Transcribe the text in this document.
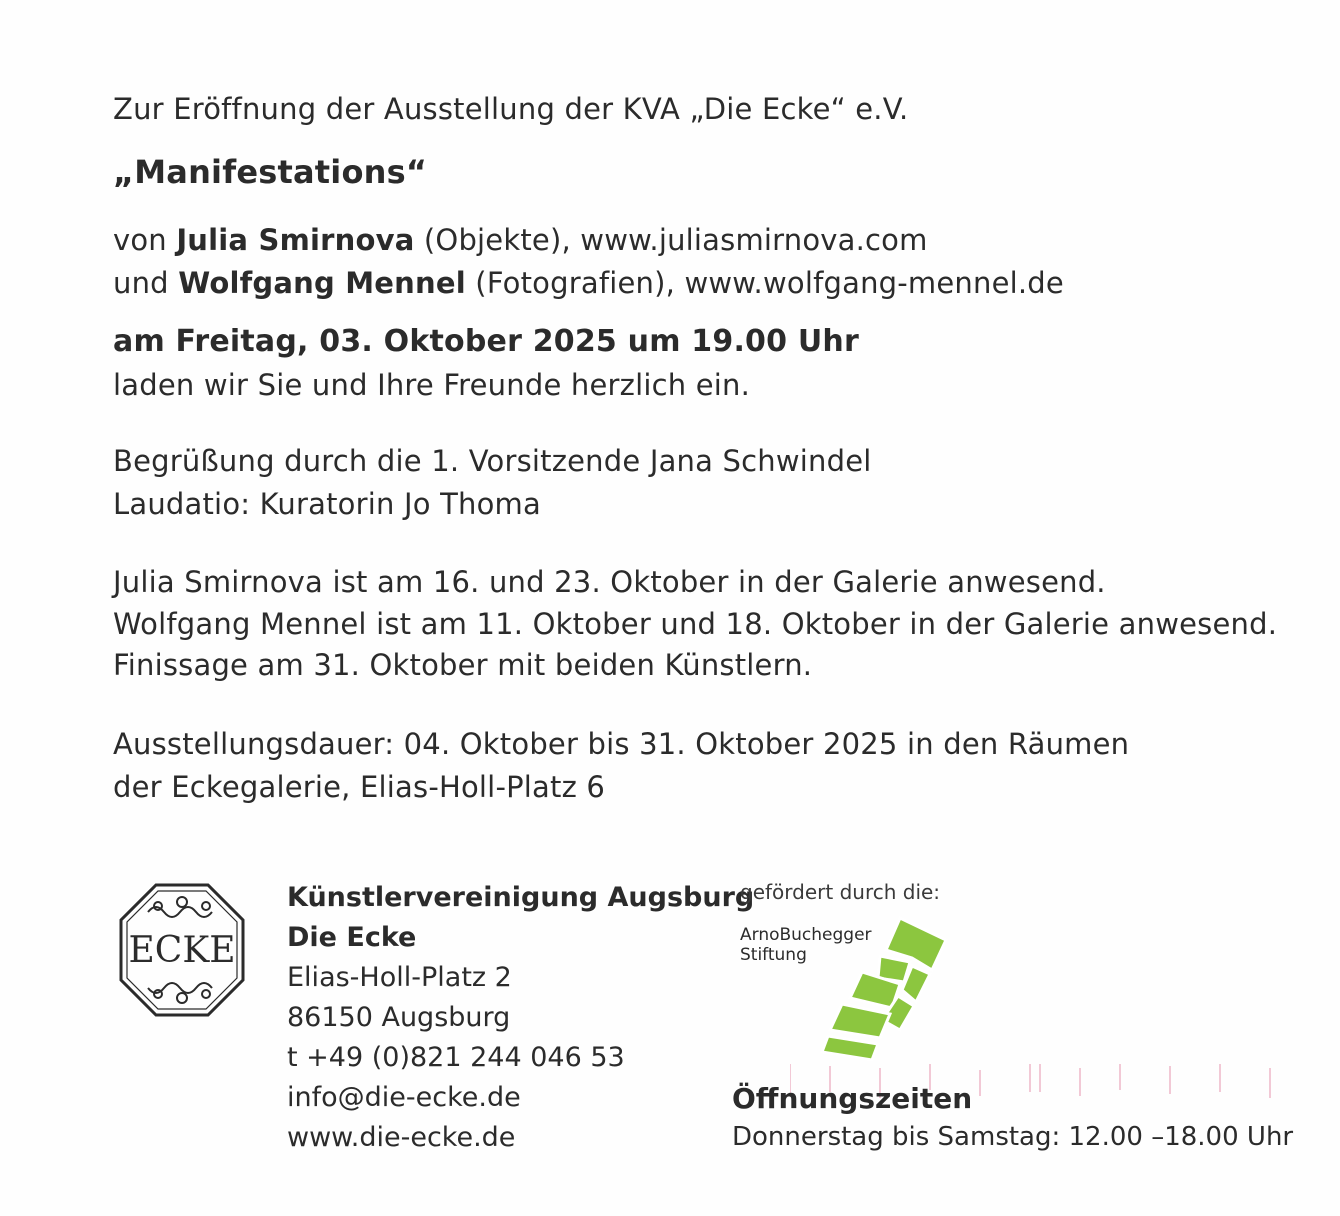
Zur Eröffnung der Ausstellung der KVA „Die Ecke“ e.V.
„Manifestations“
von Julia Smirnova (Objekte), www.juliasmirnova.com
und Wolfgang Mennel (Fotografien), www.wolfgang-mennel.de
am Freitag, 03. Oktober 2025 um 19.00 Uhr
laden wir Sie und Ihre Freunde herzlich ein.
Begrüßung durch die 1. Vorsitzende Jana Schwindel
Laudatio: Kuratorin Jo Thoma
Julia Smirnova ist am 16. und 23. Oktober in der Galerie anwesend.
Wolfgang Mennel ist am 11. Oktober und 18. Oktober in der Galerie anwesend.
Finissage am 31. Oktober mit beiden Künstlern.
Ausstellungsdauer: 04. Oktober bis 31. Oktober 2025 in den Räumen
der Eckegalerie, Elias-Holl-Platz 6
ECKE
Künstlervereinigung Augsburg
Die Ecke
Elias-Holl-Platz 2
86150 Augsburg
t +49 (0)821 244 046 53
info@die-ecke.de
www.die-ecke.de
gefördert durch die:
ArnoBuchegger
Stiftung
Öffnungszeiten
Donnerstag bis Samstag: 12.00 –18.00 Uhr
